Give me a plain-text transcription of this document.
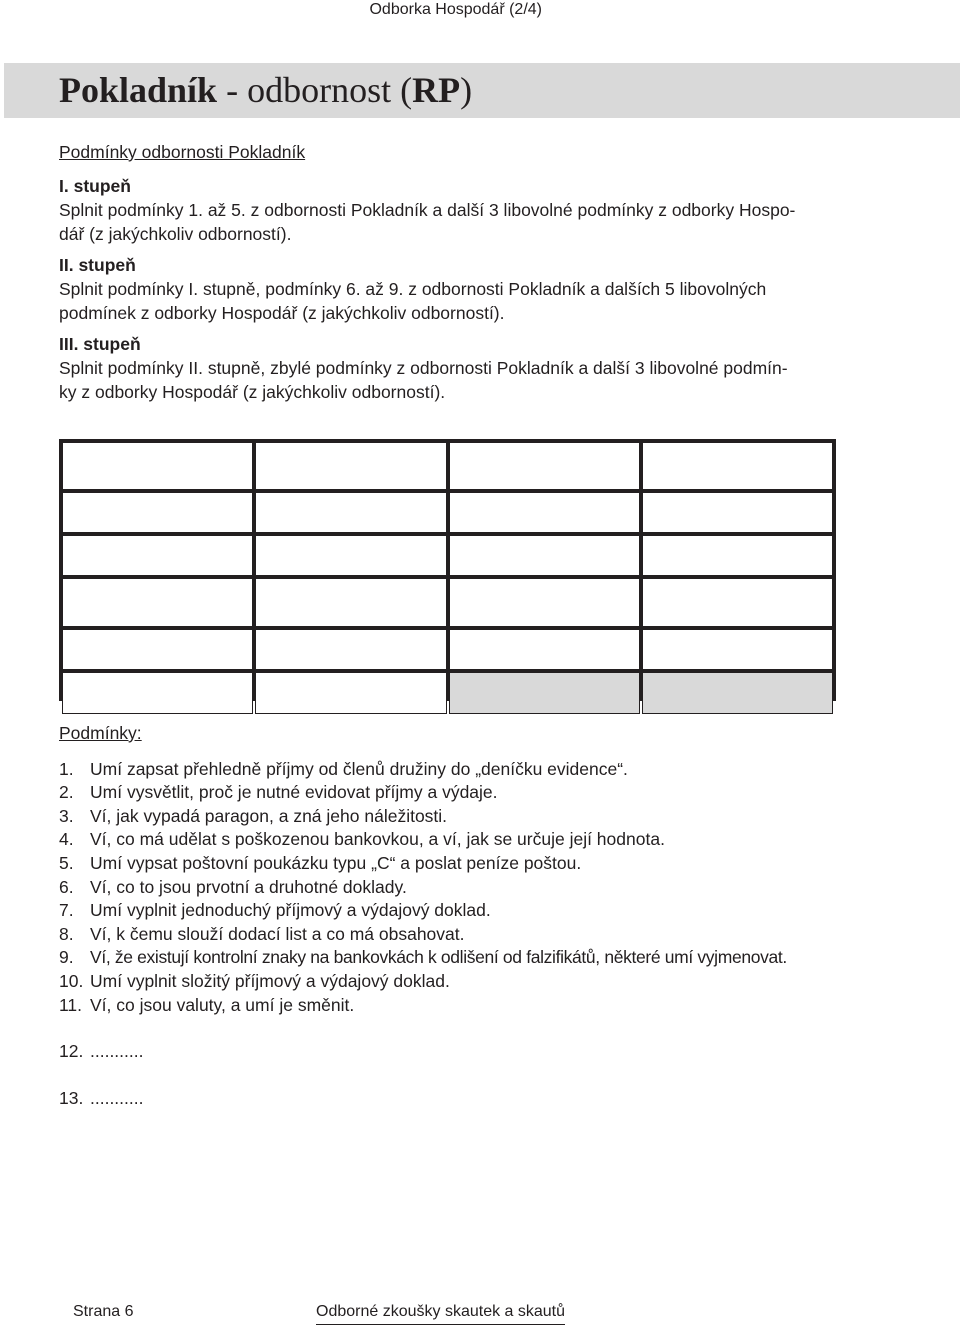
Odborka Hospodář (2/4)
Pokladník - odbornost (RP)
Podmínky odbornosti Pokladník
I. stupeň
Splnit podmínky 1. až 5. z odbornosti Pokladník a další 3 libovolné podmínky z odborky Hospo-
dář (z jakýchkoliv odborností).
II. stupeň
Splnit podmínky I. stupně, podmínky 6. až 9. z odbornosti Pokladník a dalších 5 libovolných
podmínek z odborky Hospodář (z jakýchkoliv odborností).
III. stupeň
Splnit podmínky II. stupně, zbylé podmínky z odbornosti Pokladník a další 3 libovolné podmín-
ky z odborky Hospodář (z jakýchkoliv odborností).
Podmínky:
1. Umí zapsat přehledně příjmy od členů družiny do „deníčku evidence“.
2. Umí vysvětlit, proč je nutné evidovat příjmy a výdaje.
3. Ví, jak vypadá paragon, a zná jeho náležitosti.
4. Ví, co má udělat s poškozenou bankovkou, a ví, jak se určuje její hodnota.
5. Umí vypsat poštovní poukázku typu „C“ a poslat peníze poštou.
6. Ví, co to jsou prvotní a druhotné doklady.
7. Umí vyplnit jednoduchý příjmový a výdajový doklad.
8. Ví, k čemu slouží dodací list a co má obsahovat.
9. Ví, že existují kontrolní znaky na bankovkách k odlišení od falzifikátů, některé umí vyjmenovat.
10. Umí vyplnit složitý příjmový a výdajový doklad.
11. Ví, co jsou valuty, a umí je směnit.
12. ...........
13. ...........
Strana 6	Odborné zkoušky skautek a skautů
